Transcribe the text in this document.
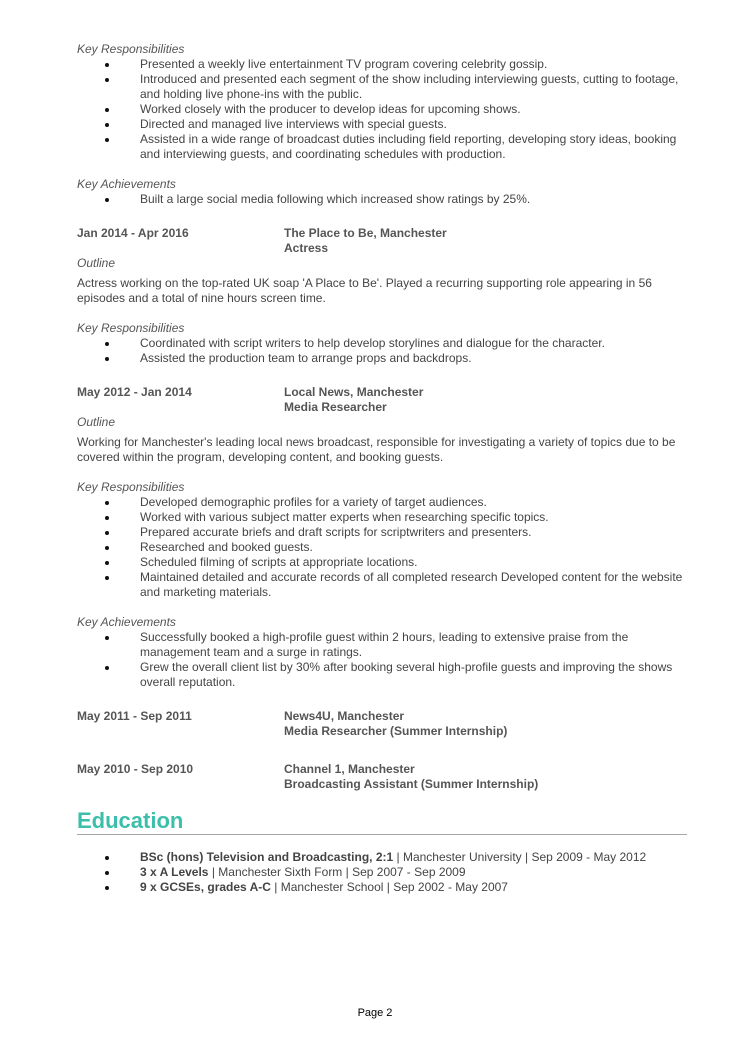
Key Responsibilities

Presented a weekly live entertainment TV program covering celebrity gossip.
Introduced and presented each segment of the show including interviewing guests, cutting to footage, and holding live phone-ins with the public.
Worked closely with the producer to develop ideas for upcoming shows.
Directed and managed live interviews with special guests.
Assisted in a wide range of broadcast duties including field reporting, developing story ideas, booking and interviewing guests, and coordinating schedules with production.

Key Achievements

Built a large social media following which increased show ratings by 25%.
Jan 2014 - Apr 2016	The Place to Be, Manchester
Actress

Outline

Actress working on the top-rated UK soap 'A Place to Be'. Played a recurring supporting role appearing in 56 episodes and a total of nine hours screen time.

Key Responsibilities

Coordinated with script writers to help develop storylines and dialogue for the character.
Assisted the production team to arrange props and backdrops.
May 2012 - Jan 2014	Local News, Manchester
Media Researcher

Outline

Working for Manchester's leading local news broadcast, responsible for investigating a variety of topics due to be covered within the program, developing content, and booking guests.

Key Responsibilities

Developed demographic profiles for a variety of target audiences.
Worked with various subject matter experts when researching specific topics.
Prepared accurate briefs and draft scripts for scriptwriters and presenters.
Researched and booked guests.
Scheduled filming of scripts at appropriate locations.
Maintained detailed and accurate records of all completed research Developed content for the website and marketing materials.

Key Achievements

Successfully booked a high-profile guest within 2 hours, leading to extensive praise from the management team and a surge in ratings.
Grew the overall client list by 30% after booking several high-profile guests and improving the shows overall reputation.
May 2011 - Sep 2011	News4U, Manchester
Media Researcher (Summer Internship)
May 2010 - Sep 2010	Channel 1, Manchester
Broadcasting Assistant (Summer Internship)
Education
BSc (hons) Television and Broadcasting, 2:1 | Manchester University | Sep 2009 - May 2012
3 x A Levels | Manchester Sixth Form | Sep 2007 - Sep 2009
9 x GCSEs, grades A-C | Manchester School | Sep 2002 - May 2007
Page 2
